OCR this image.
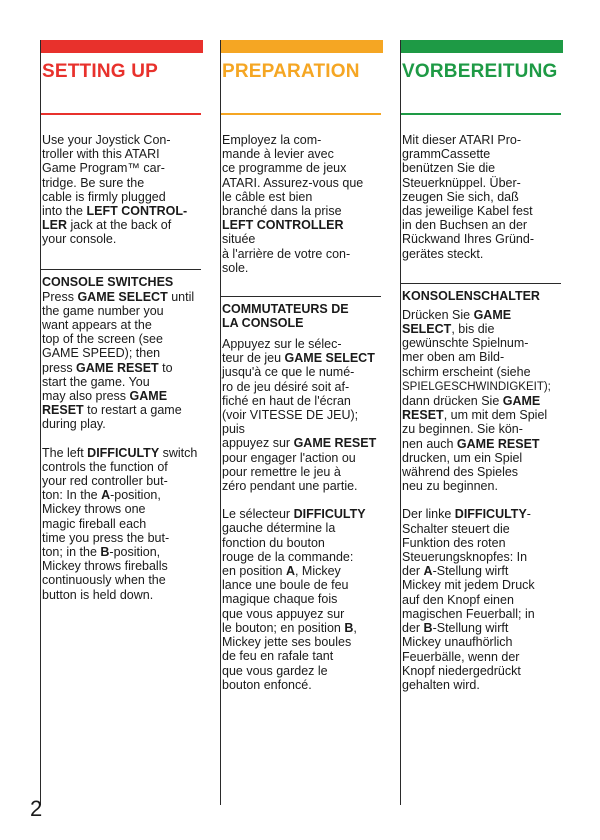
SETTING UP

Use your Joystick Con-
troller with this ATARI
Game Program™ car-
tridge. Be sure the
cable is firmly plugged
into the LEFT CONTROL-
LER jack at the back of
your console.

CONSOLE SWITCHES

Press GAME SELECT until
the game number you
want appears at the
top of the screen (see
GAME SPEED); then
press GAME RESET to
start the game. You
may also press GAME
RESET to restart a game
during play.

The left DIFFICULTY switch
controls the function of
your red controller but-
ton: In the A-position,
Mickey throws one
magic fireball each
time you press the but-
ton; in the B-position,
Mickey throws fireballs
continuously when the
button is held down.

PREPARATION

Employez la com-
mande à levier avec
ce programme de jeux
ATARI. Assurez-vous que
le câble est bien
branché dans la prise
LEFT CONTROLLER située
à l'arrière de votre con-
sole.

COMMUTATEURS DE
LA CONSOLE

Appuyez sur le sélec-
teur de jeu GAME SELECT
jusqu'à ce que le numé-
ro de jeu désiré soit af-
fiché en haut de l'écran
(voir VITESSE DE JEU); puis
appuyez sur GAME RESET
pour engager l'action ou
pour remettre le jeu à
zéro pendant une partie.

Le sélecteur DIFFICULTY
gauche détermine la
fonction du bouton
rouge de la commande:
en position A, Mickey
lance une boule de feu
magique chaque fois
que vous appuyez sur
le bouton; en position B,
Mickey jette ses boules
de feu en rafale tant
que vous gardez le
bouton enfoncé.

VORBEREITUNG

Mit dieser ATARI Pro-
grammCassette
benützen Sie die
Steuerknüppel. Über-
zeugen Sie sich, daß
das jeweilige Kabel fest
in den Buchsen an der
Rückwand Ihres Gründ-
gerätes steckt.

KONSOLENSCHALTER

Drücken Sie GAME
SELECT, bis die
gewünschte Spielnum-
mer oben am Bild-
schirm erscheint (siehe
SPIELGESCHWINDIGKEIT);
dann drücken Sie GAME
RESET, um mit dem Spiel
zu beginnen. Sie kön-
nen auch GAME RESET
drucken, um ein Spiel
während des Spieles
neu zu beginnen.

Der linke DIFFICULTY-
Schalter steuert die
Funktion des roten
Steuerungsknopfes: In
der A-Stellung wirft
Mickey mit jedem Druck
auf den Knopf einen
magischen Feuerball; in
der B-Stellung wirft
Mickey unaufhörlich
Feuerbälle, wenn der
Knopf niedergedrückt
gehalten wird.

2
